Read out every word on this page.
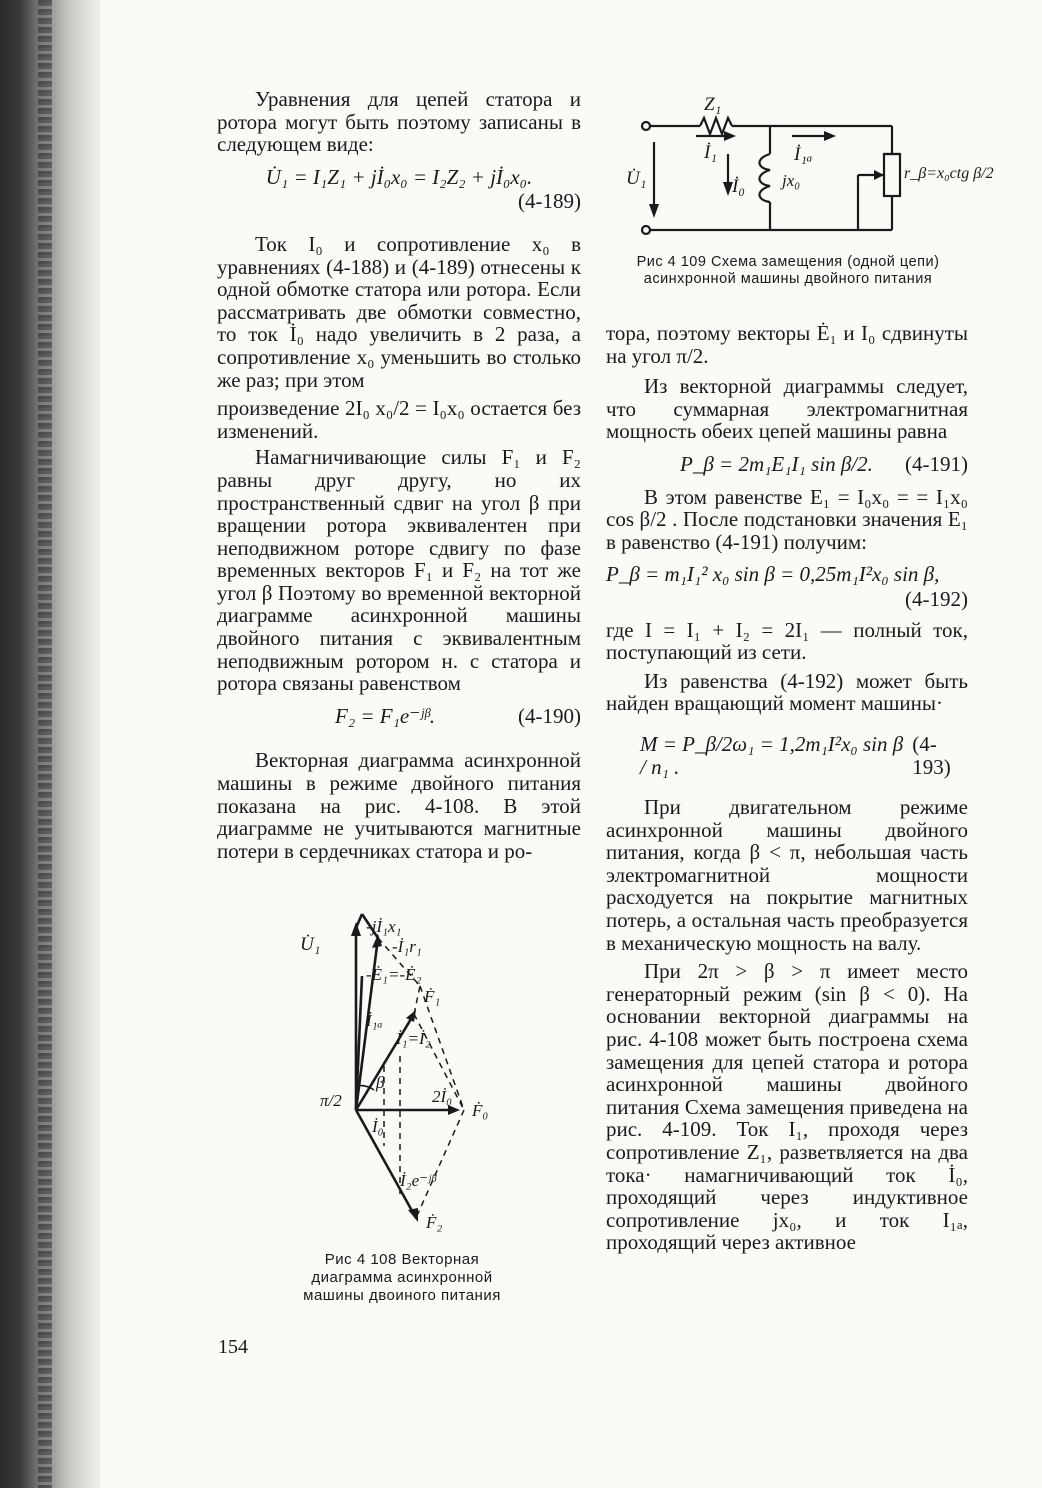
Уравнения для цепей статора и ротора могут быть поэтому записаны в следующем виде:

U̇₁ = I₁Z₁ + jİ₀x₀ = I₂Z₂ + jİ₀x₀.
(4-189)

Ток I₀ и сопротивление x₀ в уравнениях (4-188) и (4-189) отнесены к одной обмотке статора или ротора. Если рассматривать две обмотки совместно, то ток İ₀ надо увеличить в 2 раза, а сопротивление x₀ уменьшить во столько же раз; при этом

произведение 2I₀ x₀/2 = I₀x₀ остается без изменений.

Намагничивающие силы F₁ и F₂ равны друг другу, но их пространственный сдвиг на угол β при вращении ротора эквивалентен при неподвижном роторе сдвигу по фазе временных векторов F₁ и F₂ на тот же угол β Поэтому во временной векторной диаграмме асинхронной машины двойного питания с эквивалентным неподвижным ротором н. с статора и ротора связаны равенством

F₂ = F₁e⁻ʲᵝ.	(4-190)

Векторная диаграмма асинхронной машины в режиме двойного питания показана на рис. 4-108. В этой диаграмме не учитываются магнитные потери в сердечниках статора и ро-

Z₁
İ₁	İ₁ₐ
U̇₁	İ₀ jx₀	r_β=x₀ctg β/2
Рис 4 109 Схема замещения (одной цепи) асинхронной машины двойного питания

тора, поэтому векторы Ė₁ и I₀ сдвинуты на угол π/2.

Из векторной диаграммы следует, что суммарная электромагнитная мощность обеих цепей машины равна

P_β = 2m₁E₁I₁ sin β/2. (4-191)

В этом равенстве E₁ = I₀x₀ = = I₁x₀ cos β/2 . После подстановки значения E₁ в равенство (4-191) получим:

P_β = m₁I₁² x₀ sin β = 0,25m₁I²x₀ sin β,
(4-192)

где I = I₁ + I₂ = 2I₁ — полный ток, поступающий из сети.

Из равенства (4-192) может быть найден вращающий момент машины·

M = P_β/2ω₁ = 1,2m₁I²x₀ sin β / n₁ .
(4-193)

При двигательном режиме асинхронной машины двойного питания, когда β < π, небольшая часть электромагнитной мощности расходуется на покрытие магнитных потерь, а остальная часть преобразуется в механическую мощность на валу.

При 2π > β > π имеет место генераторный режим (sin β < 0). На основании векторной диаграммы на рис. 4-108 может быть построена схема замещения для цепей статора и ротора асинхронной машины двойного питания Схема замещения приведена на рис. 4-109. Ток I₁, проходя через сопротивление Z₁, разветвляется на два тока· намагничивающий ток İ₀, проходящий через индуктивное сопротивление jx₀, и ток I₁ₐ, проходящий через активное

U̇₁
-jİ₁x₁
-İ₁r₁
-Ė₁=-Ė₂
Ḟ₁
İ₁ₐ
İ₁=İ₂
β
π/2	2İ₀
Ḟ₀
İ₀
İ₂e⁻ʲᵝ
Ḟ₂
Рис 4 108 Векторная диаграмма асинхронной машины двоиного питания
154
